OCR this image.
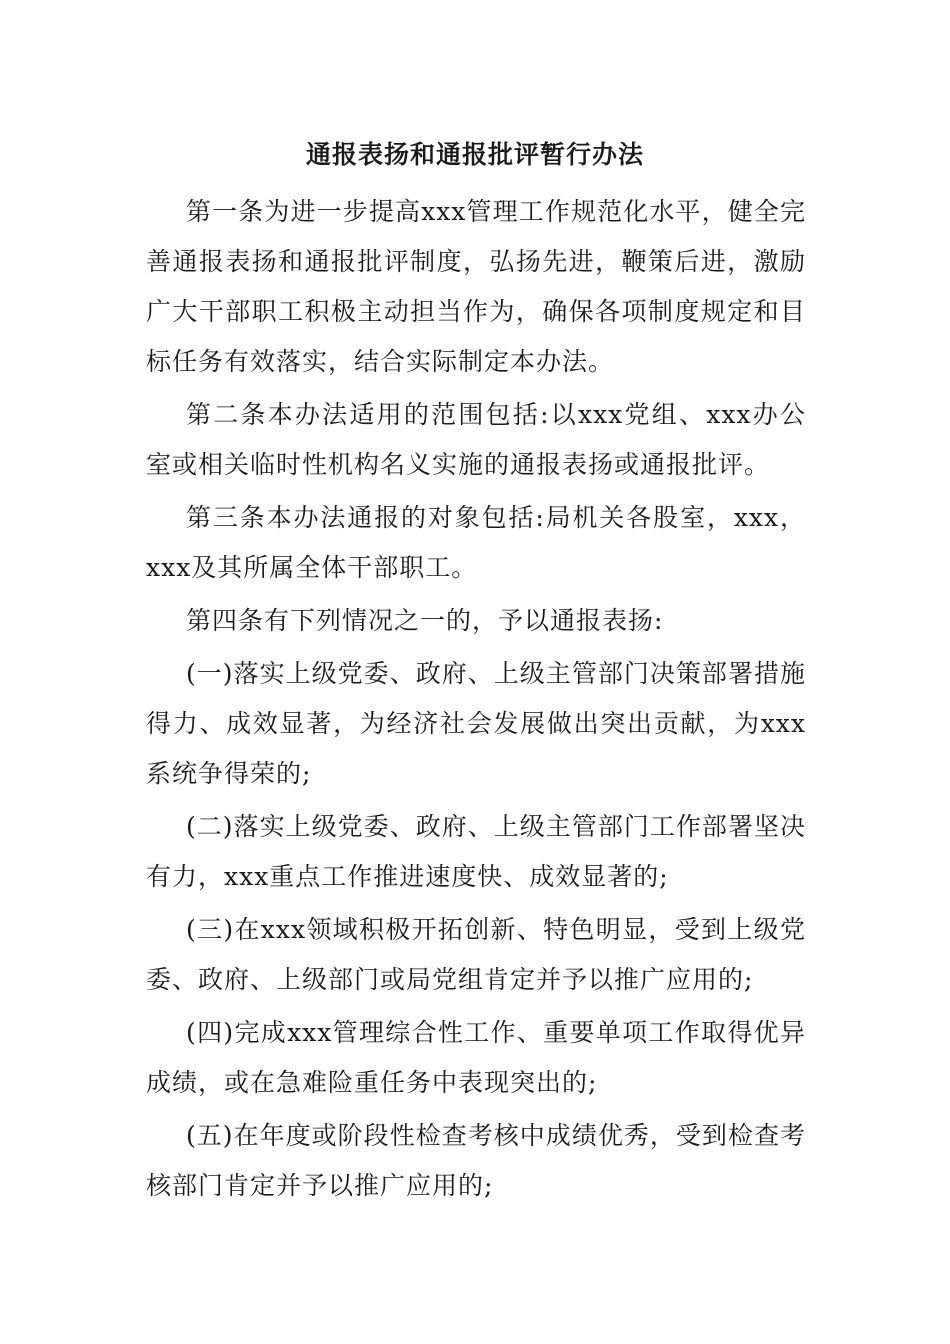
通报表扬和通报批评暂行办法

第一条为进一步提高xxx管理工作规范化水平，健全完善通报表扬和通报批评制度，弘扬先进，鞭策后进，激励广大干部职工积极主动担当作为，确保各项制度规定和目标任务有效落实，结合实际制定本办法。

第二条本办法适用的范围包括:以xxx党组、xxx办公室或相关临时性机构名义实施的通报表扬或通报批评。

第三条本办法通报的对象包括:局机关各股室，xxx，xxx及其所属全体干部职工。

第四条有下列情况之一的，予以通报表扬:

(一)落实上级党委、政府、上级主管部门决策部署措施得力、成效显著，为经济社会发展做出突出贡献，为xxx系统争得荣的;

(二)落实上级党委、政府、上级主管部门工作部署坚决有力，xxx重点工作推进速度快、成效显著的;

(三)在xxx领域积极开拓创新、特色明显，受到上级党委、政府、上级部门或局党组肯定并予以推广应用的;

(四)完成xxx管理综合性工作、重要单项工作取得优异成绩，或在急难险重任务中表现突出的;

(五)在年度或阶段性检查考核中成绩优秀，受到检查考核部门肯定并予以推广应用的;
